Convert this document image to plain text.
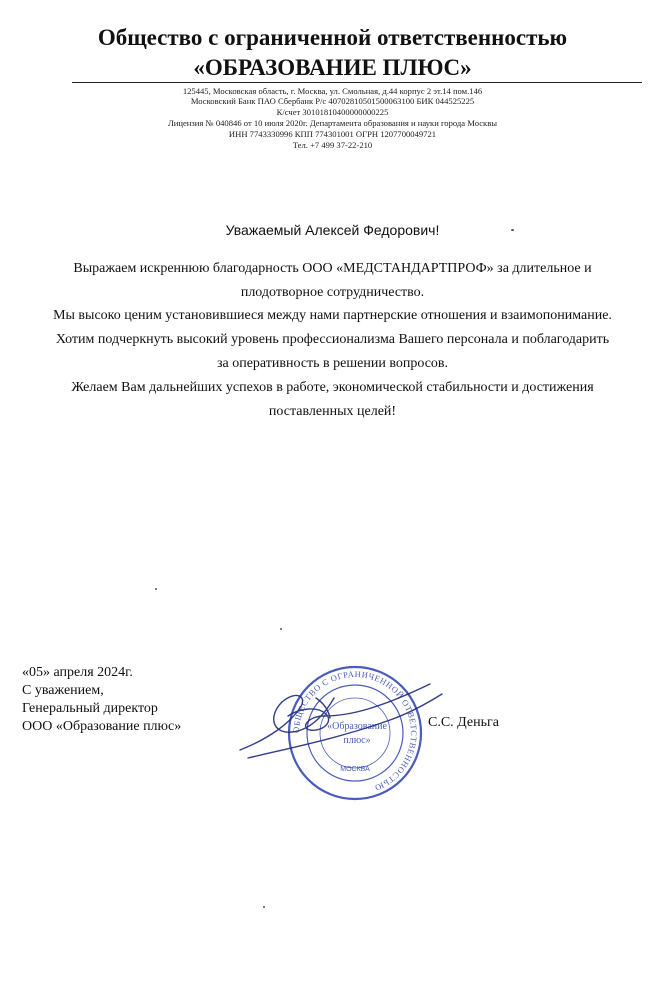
Общество с ограниченной ответственностью
«ОБРАЗОВАНИЕ ПЛЮС»
125445, Московская область, г. Москва, ул. Смольная, д.44 корпус 2 эт.14 пом.146
Московский Банк ПАО Сбербанк Р/с 40702810501500063100 БИК 044525225
К/счет 30101810400000000225
Лицензия № 040846 от 10 июля 2020г. Департамента образования и науки города Москвы
ИНН 7743330996 КПП 774301001 ОГРН 1207700049721
Тел. +7 499 37-22-210
Уважаемый Алексей Федорович!
Выражаем искреннюю благодарность ООО «МЕДСТАНДАРТПРОФ» за длительное и
плодотворное сотрудничество.
Мы высоко ценим установившиеся между нами партнерские отношения и взаимопонимание.
Хотим подчеркнуть высокий уровень профессионализма Вашего персонала и поблагодарить
за оперативность в решении вопросов.
Желаем Вам дальнейших успехов в работе, экономической стабильности и достижения
поставленных целей!
«05» апреля 2024г.
С уважением,
Генеральный директор
ООО «Образование плюс»	ОБЩЕСТВО С ОГРАНИЧЕННОЙ ОТВЕТСТВЕННОСТЬЮ
«Образование
плюс»
МОСКВА
С.С. Деньга
